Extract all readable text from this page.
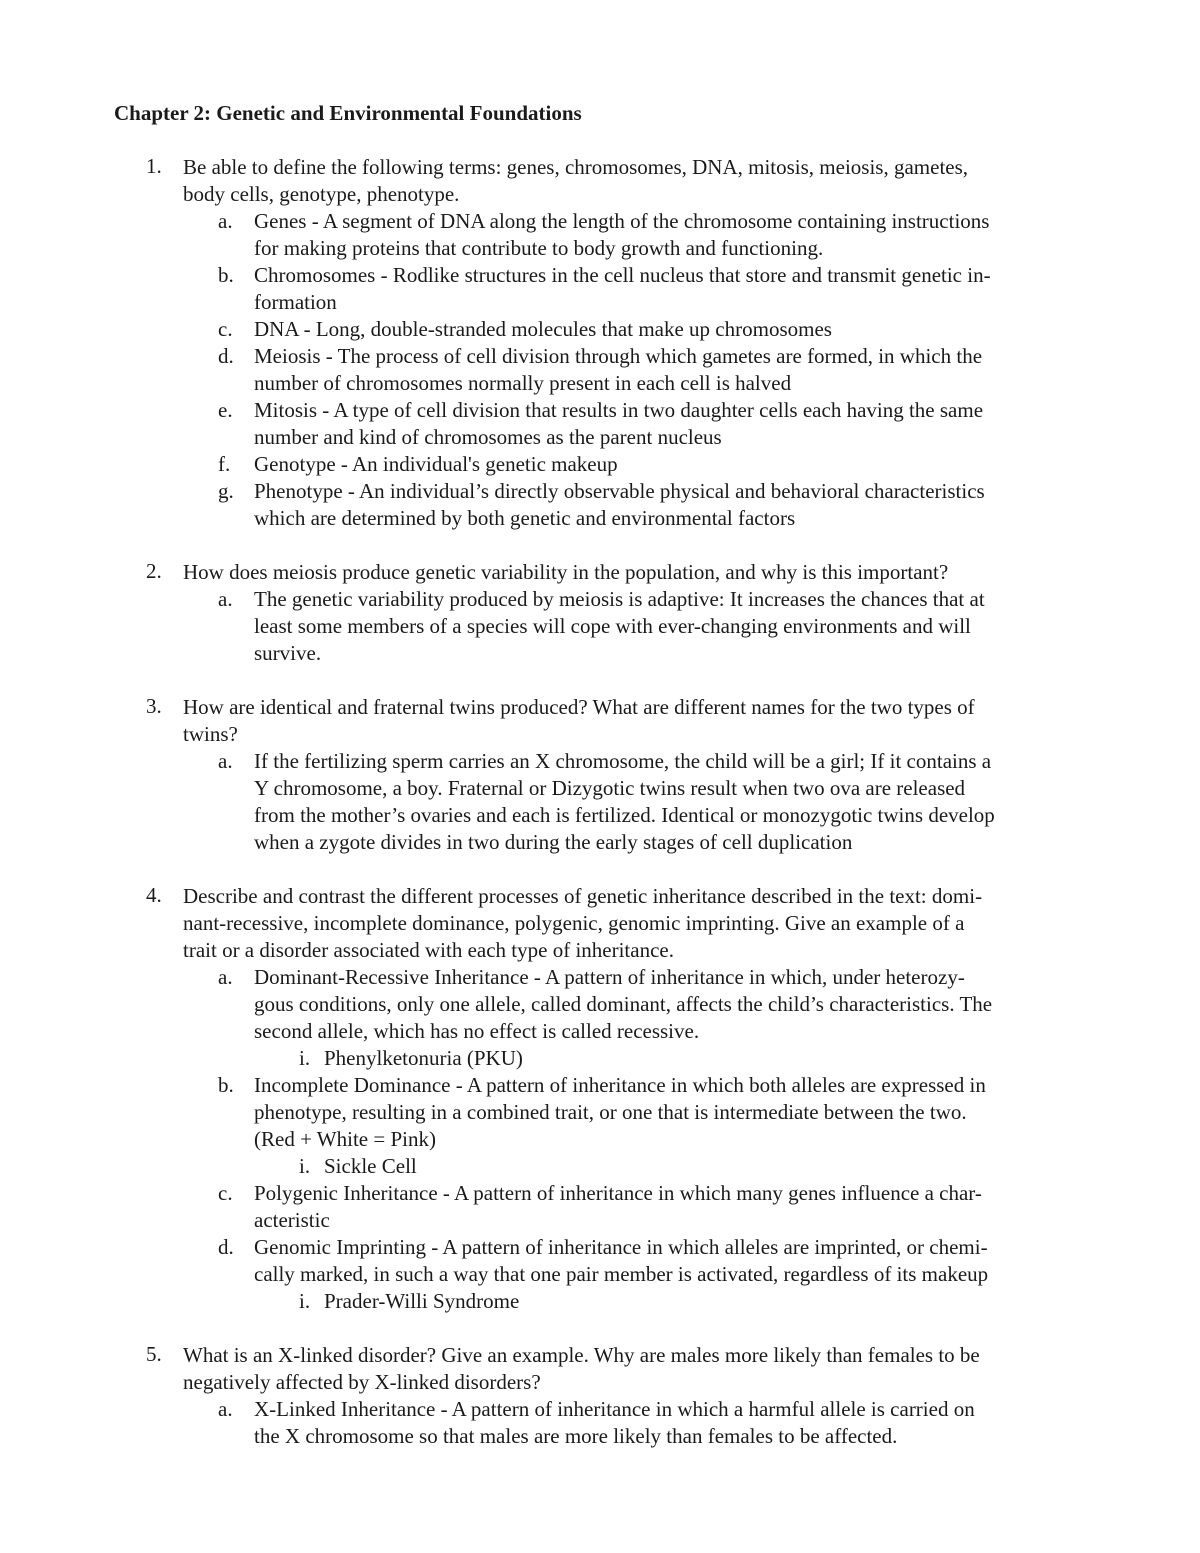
Chapter 2: Genetic and Environmental Foundations
1. Be able to define the following terms: genes, chromosomes, DNA, mitosis, meiosis, gametes,
body cells, genotype, phenotype.
a. Genes - A segment of DNA along the length of the chromosome containing instructions
for making proteins that contribute to body growth and functioning.
b. Chromosomes - Rodlike structures in the cell nucleus that store and transmit genetic in-
formation
c. DNA - Long, double-stranded molecules that make up chromosomes
d. Meiosis - The process of cell division through which gametes are formed, in which the
number of chromosomes normally present in each cell is halved
e. Mitosis - A type of cell division that results in two daughter cells each having the same
number and kind of chromosomes as the parent nucleus
f. Genotype - An individual's genetic makeup
g. Phenotype - An individual’s directly observable physical and behavioral characteristics
which are determined by both genetic and environmental factors
2. How does meiosis produce genetic variability in the population, and why is this important?
a. The genetic variability produced by meiosis is adaptive: It increases the chances that at
least some members of a species will cope with ever-changing environments and will
survive.
3. How are identical and fraternal twins produced? What are different names for the two types of
twins?
a. If the fertilizing sperm carries an X chromosome, the child will be a girl; If it contains a
Y chromosome, a boy. Fraternal or Dizygotic twins result when two ova are released
from the mother’s ovaries and each is fertilized. Identical or monozygotic twins develop
when a zygote divides in two during the early stages of cell duplication
4. Describe and contrast the different processes of genetic inheritance described in the text: domi-
nant-recessive, incomplete dominance, polygenic, genomic imprinting. Give an example of a
trait or a disorder associated with each type of inheritance.
a. Dominant-Recessive Inheritance - A pattern of inheritance in which, under heterozy-
gous conditions, only one allele, called dominant, affects the child’s characteristics. The
second allele, which has no effect is called recessive.
i. Phenylketonuria (PKU)
b. Incomplete Dominance - A pattern of inheritance in which both alleles are expressed in
phenotype, resulting in a combined trait, or one that is intermediate between the two.
(Red + White = Pink)
i. Sickle Cell
c. Polygenic Inheritance - A pattern of inheritance in which many genes influence a char-
acteristic
d. Genomic Imprinting - A pattern of inheritance in which alleles are imprinted, or chemi-
cally marked, in such a way that one pair member is activated, regardless of its makeup
i. Prader-Willi Syndrome
5. What is an X-linked disorder? Give an example. Why are males more likely than females to be
negatively affected by X-linked disorders?
a. X-Linked Inheritance - A pattern of inheritance in which a harmful allele is carried on
the X chromosome so that males are more likely than females to be affected.
